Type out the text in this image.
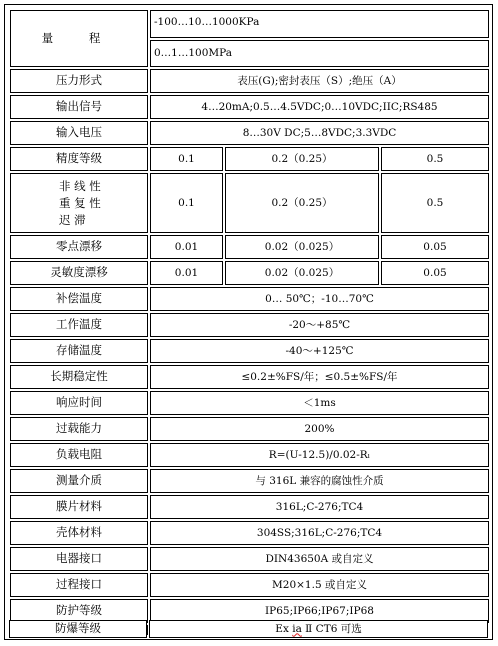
量 程
-100…10…1000KPa
0…1…100MPa
压力形式	表压(G);密封表压（S）;绝压（A）
输出信号	4…20mA;0.5…4.5VDC;0…10VDC;IIC;RS485
输入电压	8…30V DC;5…8VDC;3.3VDC
精度等级	0.1	0.2（0.25）	0.5
非 线 性
重 复 性
迟 滞
0.1	0.2（0.25）	0.5
零点漂移	0.01	0.02（0.025）	0.05
灵敏度漂移	0.01	0.02（0.025）	0.05
补偿温度	0… 50℃；-10…70℃
工作温度	-20～+85℃
存储温度	-40～+125℃
长期稳定性	≤0.2±%FS/年；≤0.5±%FS/年
响应时间	＜1ms
过载能力	200%
负载电阻	R=(U-12.5)/0.02-Rₗ
测量介质	与 316L 兼容的腐蚀性介质
膜片材料	316L;C-276;TC4
壳体材料	304SS;316L;C-276;TC4
电器接口	DIN43650A 或自定义
过程接口	M20×1.5 或自定义
防护等级	IP65;IP66;IP67;IP68
防爆等级	Ex ia Ⅱ CT6 可选
